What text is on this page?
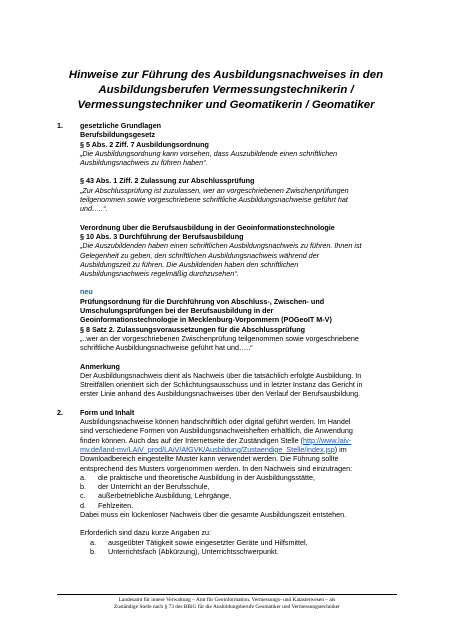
Hinweise zur Führung des Ausbildungsnachweises in den
Ausbildungsberufen Vermessungstechnikerin /
Vermessungstechniker und Geomatikerin / Geomatiker
1.	gesetzliche Grundlagen
Berufsbildungsgesetz
§ 5 Abs. 2 Ziff. 7 Ausbildungsordnung
„Die Ausbildungsordnung kann vorsehen, dass Auszubildende einen schriftlichen
Ausbildungsnachweis zu führen haben“.
§ 43 Abs. 1 Ziff. 2 Zulassung zur Abschlussprüfung
„Zur Abschlussprüfung ist zuzulassen, wer an vorgeschriebenen Zwischenprüfungen
teilgenommen sowie vorgeschriebene schriftliche Ausbildungsnachweise geführt hat
und…..“.
Verordnung über die Berufsausbildung in der Geoinformationstechnologie
§ 10 Abs. 3 Durchführung der Berufsausbildung
„Die Auszubildenden haben einen schriftlichen Ausbildungsnachweis zu führen. Ihnen ist
Gelegenheit zu geben, den schriftlichen Ausbildungsnachweis während der
Ausbildungszeit zu führen. Die Ausbildenden haben den schriftlichen
Ausbildungsnachweis regelmäßig durchzusehen“.
neu
Prüfungsordnung für die Durchführung von Abschluss-, Zwischen- und
Umschulungsprüfungen bei der Berufsausbildung in der
Geoinformationstechnologie in Mecklenburg-Vorpommern (POGeoIT M-V)
§ 8 Satz 2. Zulassungsvoraussetzungen für die Abschlussprüfung
„..wer an der vorgeschriebenen Zwischenprüfung teilgenommen sowie vorgeschriebene
schriftliche Ausbildungsnachweise geführt hat und…..“
Anmerkung
Der Ausbildungsnachweis dient als Nachweis über die tatsächlich erfolgte Ausbildung. In
Streitfällen orientiert sich der Schlichtungsausschuss und in letzter Instanz das Gericht in
erster Linie anhand des Ausbildungsnachweises über den Verlauf der Berufsausbildung.
2.	Form und Inhalt
Ausbildungsnachweise können handschriftlich oder digital geführt werden. Im Handel
sind verschiedene Formen von Ausbildungsnachweisheften erhältlich, die Anwendung
finden können. Auch das auf der Internetseite der Zuständigen Stelle (http://www.laiv-
mv.de/land-mv/LAiV_prod/LAiV/AfGVK/Ausbildung/Zustaendige_Stelle/index.jsp) im
Downloadbereich eingestellte Muster kann verwendet werden. Die Führung sollte
entsprechend des Musters vorgenommen werden. In den Nachweis sind einzutragen:
a.	die praktische und theoretische Ausbildung in der Ausbildungsstätte,
b.	der Unterricht an der Berufsschule,
c.	außerbetriebliche Ausbildung, Lehrgänge,
d.	Fehlzeiten.
Dabei muss ein lückenloser Nachweis über die gesamte Ausbildungszeit entstehen.
Erforderlich sind dazu kurze Angaben zu:
a.	ausgeübter Tätigkeit sowie eingesetzter Geräte und Hilfsmittel,
b.	Unterrichtsfach (Abkürzung), Unterrichtsschwerpunkt.
Landesamt für innere Verwaltung – Amt für Geoinformation, Vermessungs- und Katasterwesen – als
Zuständige Stelle nach § 73 des BBiG für die Ausbildungsberufe Geomatiker und Vermessungstechniker
